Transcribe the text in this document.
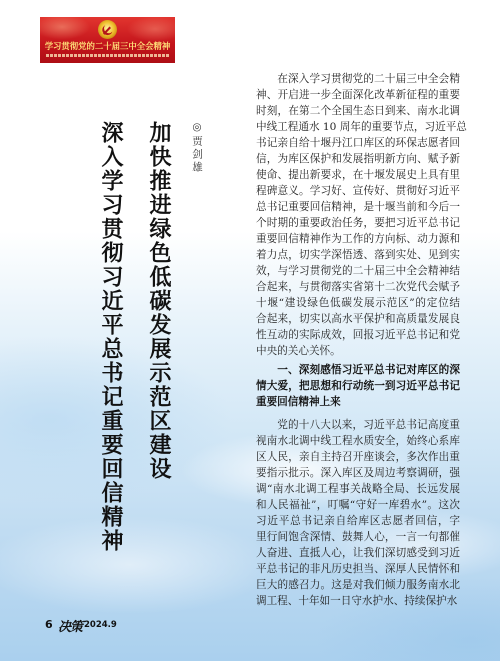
学习贯彻党的二十届三中全会精神
加快推进绿色低碳发展示范区建设
深入学习贯彻习近平总书记重要回信精神	◎贾剑雄
在深入学习贯彻党的二十届三中全会精
神、开启进一步全面深化改革新征程的重要
时刻，在第二个全国生态日到来、南水北调
中线工程通水 10 周年的重要节点，习近平总
书记亲自给十堰丹江口库区的环保志愿者回
信，为库区保护和发展指明新方向、赋予新
使命、提出新要求，在十堰发展史上具有里
程碑意义。学习好、宣传好、贯彻好习近平
总书记重要回信精神，是十堰当前和今后一
个时期的重要政治任务，要把习近平总书记
重要回信精神作为工作的方向标、动力源和
着力点，切实学深悟透、落到实处、见到实
效，与学习贯彻党的二十届三中全会精神结
合起来，与贯彻落实省第十二次党代会赋予
十堰“建设绿色低碳发展示范区”的定位结
合起来，切实以高水平保护和高质量发展良
性互动的实际成效，回报习近平总书记和党
中央的关心关怀。
一、深刻感悟习近平总书记对库区的深
情大爱，把思想和行动统一到习近平总书记
重要回信精神上来
党的十八大以来，习近平总书记高度重
视南水北调中线工程水质安全，始终心系库
区人民，亲自主持召开座谈会，多次作出重
要指示批示。深入库区及周边考察调研，强
调“南水北调工程事关战略全局、长远发展
和人民福祉”，叮嘱“守好一库碧水”。这次
习近平总书记亲自给库区志愿者回信，字
里行间饱含深情、鼓舞人心，一言一句都催
人奋进、直抵人心，让我们深切感受到习近
平总书记的非凡历史担当、深厚人民情怀和
巨大的感召力。这是对我们倾力服务南水北
调工程、十年如一日守水护水、持续保护水
6 决策 2024.9
